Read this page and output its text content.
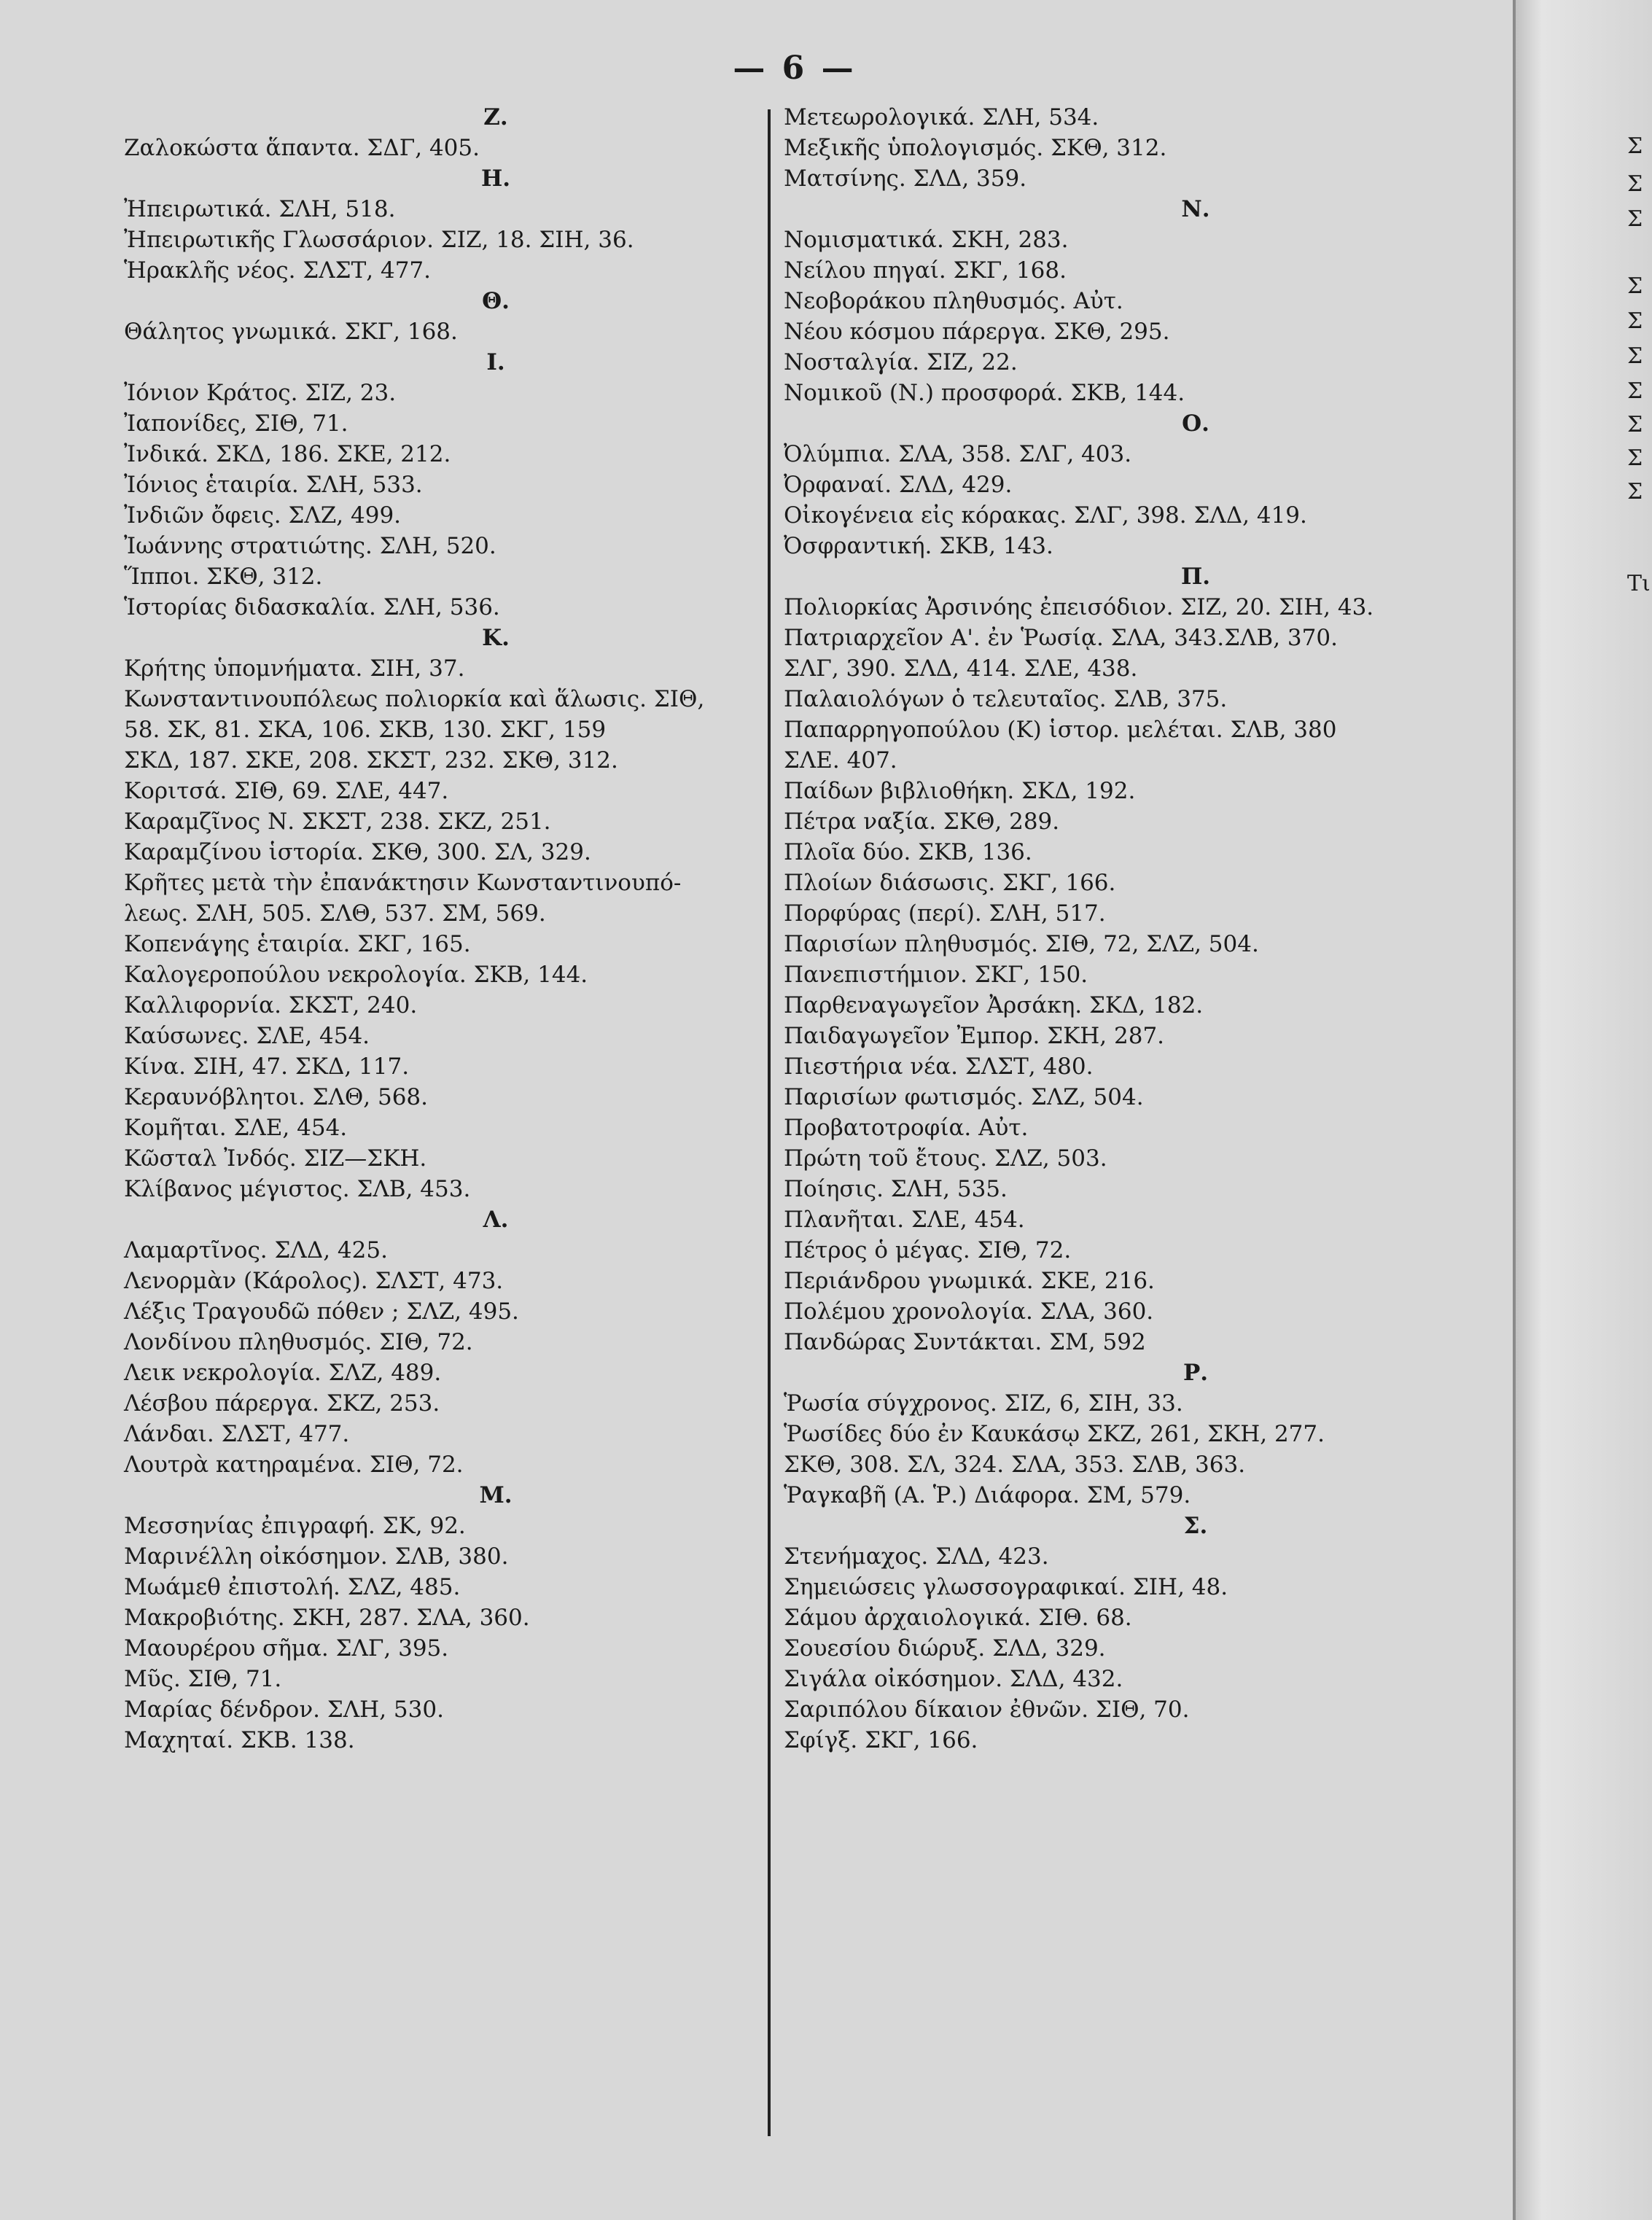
— 6 —
Ζ.
Ζαλοκώστα ἅπαντα. ΣΔΓ, 405.
Η.
Ἠπειρωτικά. ΣΛΗ, 518.
Ἠπειρωτικῆς Γλωσσάριον. ΣΙΖ, 18. ΣΙΗ, 36.
Ἡρακλῆς νέος. ΣΛΣΤ, 477.
Θ.
Θάλητος γνωμικά. ΣΚΓ, 168.
Ι.
Ἰόνιον Κράτος. ΣΙΖ, 23.
Ἰαπονίδες, ΣΙΘ, 71.
Ἰνδικά. ΣΚΔ, 186. ΣΚΕ, 212.
Ἰόνιος ἑταιρία. ΣΛΗ, 533.
Ἰνδιῶν ὄφεις. ΣΛΖ, 499.
Ἰωάννης στρατιώτης. ΣΛΗ, 520.
Ἵπποι. ΣΚΘ, 312.
Ἱστορίας διδασκαλία. ΣΛΗ, 536.
Κ.
Κρήτης ὑπομνήματα. ΣΙΗ, 37.
Κωνσταντινουπόλεως πολιορκία καὶ ἅλωσις. ΣΙΘ,
58. ΣΚ, 81. ΣΚΑ, 106. ΣΚΒ, 130. ΣΚΓ, 159
ΣΚΔ, 187. ΣΚΕ, 208. ΣΚΣΤ, 232. ΣΚΘ, 312.
Κοριτσά. ΣΙΘ, 69. ΣΛΕ, 447.
Καραμζῖνος Ν. ΣΚΣΤ, 238. ΣΚΖ, 251.
Καραμζίνου ἱστορία. ΣΚΘ, 300. ΣΛ, 329.
Κρῆτες μετὰ τὴν ἐπανάκτησιν Κωνσταντινουπό-
λεως. ΣΛΗ, 505. ΣΛΘ, 537. ΣΜ, 569.
Κοπενάγης ἑταιρία. ΣΚΓ, 165.
Καλογεροπούλου νεκρολογία. ΣΚΒ, 144.
Καλλιφορνία. ΣΚΣΤ, 240.
Καύσωνες. ΣΛΕ, 454.
Κίνα. ΣΙΗ, 47. ΣΚΔ, 117.
Κεραυνόβλητοι. ΣΛΘ, 568.
Κομῆται. ΣΛΕ, 454.
Κῶσταλ Ἰνδός. ΣΙΖ—ΣΚΗ.
Κλίβανος μέγιστος. ΣΛΒ, 453.
Λ.
Λαμαρτῖνος. ΣΛΔ, 425.
Λενορμὰν (Κάρολος). ΣΛΣΤ, 473.
Λέξις Τραγουδῶ πόθεν ; ΣΛΖ, 495.
Λονδίνου πληθυσμός. ΣΙΘ, 72.
Λεικ νεκρολογία. ΣΛΖ, 489.
Λέσβου πάρεργα. ΣΚΖ, 253.
Λάνδαι. ΣΛΣΤ, 477.
Λουτρὰ κατηραμένα. ΣΙΘ, 72.
Μ.
Μεσσηνίας ἐπιγραφή. ΣΚ, 92.
Μαρινέλλη οἰκόσημον. ΣΛΒ, 380.
Μωάμεθ ἐπιστολή. ΣΛΖ, 485.
Μακροβιότης. ΣΚΗ, 287. ΣΛΑ, 360.
Μαουρέρου σῆμα. ΣΛΓ, 395.
Μῦς. ΣΙΘ, 71.
Μαρίας δένδρον. ΣΛΗ, 530.
Μαχηταί. ΣΚΒ. 138.
Μετεωρολογικά. ΣΛΗ, 534.
Μεξικῆς ὑπολογισμός. ΣΚΘ, 312.
Ματσίνης. ΣΛΔ, 359.
Ν.
Νομισματικά. ΣΚΗ, 283.
Νείλου πηγαί. ΣΚΓ, 168.
Νεοβοράκου πληθυσμός. Αὐτ.
Νέου κόσμου πάρεργα. ΣΚΘ, 295.
Νοσταλγία. ΣΙΖ, 22.
Νομικοῦ (Ν.) προσφορά. ΣΚΒ, 144.
Ο.
Ὀλύμπια. ΣΛΑ, 358. ΣΛΓ, 403.
Ὀρφαναί. ΣΛΔ, 429.
Οἰκογένεια εἰς κόρακας. ΣΛΓ, 398. ΣΛΔ, 419.
Ὀσφραντική. ΣΚΒ, 143.
Π.
Πολιορκίας Ἀρσινόης ἐπεισόδιον. ΣΙΖ, 20. ΣΙΗ, 43.
Πατριαρχεῖον Α'. ἐν Ῥωσίᾳ. ΣΛΑ, 343.ΣΛΒ, 370.
ΣΛΓ, 390. ΣΛΔ, 414. ΣΛΕ, 438.
Παλαιολόγων ὁ τελευταῖος. ΣΛΒ, 375.
Παπαρρηγοπούλου (Κ) ἱστορ. μελέται. ΣΛΒ, 380
ΣΛΕ. 407.
Παίδων βιβλιοθήκη. ΣΚΔ, 192.
Πέτρα ναξία. ΣΚΘ, 289.
Πλοῖα δύο. ΣΚΒ, 136.
Πλοίων διάσωσις. ΣΚΓ, 166.
Πορφύρας (περί). ΣΛΗ, 517.
Παρισίων πληθυσμός. ΣΙΘ, 72, ΣΛΖ, 504.
Πανεπιστήμιον. ΣΚΓ, 150.
Παρθεναγωγεῖον Ἀρσάκη. ΣΚΔ, 182.
Παιδαγωγεῖον Ἐμπορ. ΣΚΗ, 287.
Πιεστήρια νέα. ΣΛΣΤ, 480.
Παρισίων φωτισμός. ΣΛΖ, 504.
Προβατοτροφία. Αὐτ.
Πρώτη τοῦ ἔτους. ΣΛΖ, 503.
Ποίησις. ΣΛΗ, 535.
Πλανῆται. ΣΛΕ, 454.
Πέτρος ὁ μέγας. ΣΙΘ, 72.
Περιάνδρου γνωμικά. ΣΚΕ, 216.
Πολέμου χρονολογία. ΣΛΑ, 360.
Πανδώρας Συντάκται. ΣΜ, 592
Ρ.
Ῥωσία σύγχρονος. ΣΙΖ, 6, ΣΙΗ, 33.
Ῥωσίδες δύο ἐν Καυκάσῳ ΣΚΖ, 261, ΣΚΗ, 277.
ΣΚΘ, 308. ΣΛ, 324. ΣΛΑ, 353. ΣΛΒ, 363.
Ῥαγκαβῆ (Α. Ῥ.) Διάφορα. ΣΜ, 579.
Σ.
Στενήμαχος. ΣΛΔ, 423.
Σημειώσεις γλωσσογραφικαί. ΣΙΗ, 48.
Σάμου ἀρχαιολογικά. ΣΙΘ. 68.
Σουεσίου διώρυξ. ΣΛΔ, 329.
Σιγάλα οἰκόσημον. ΣΛΔ, 432.
Σαριπόλου δίκαιον ἐθνῶν. ΣΙΘ, 70.
Σφίγξ. ΣΚΓ, 166.
Σ
Σ
Σ
Σ
Σ
Σ
Σ
Σ
Σ
Σ
Τι
